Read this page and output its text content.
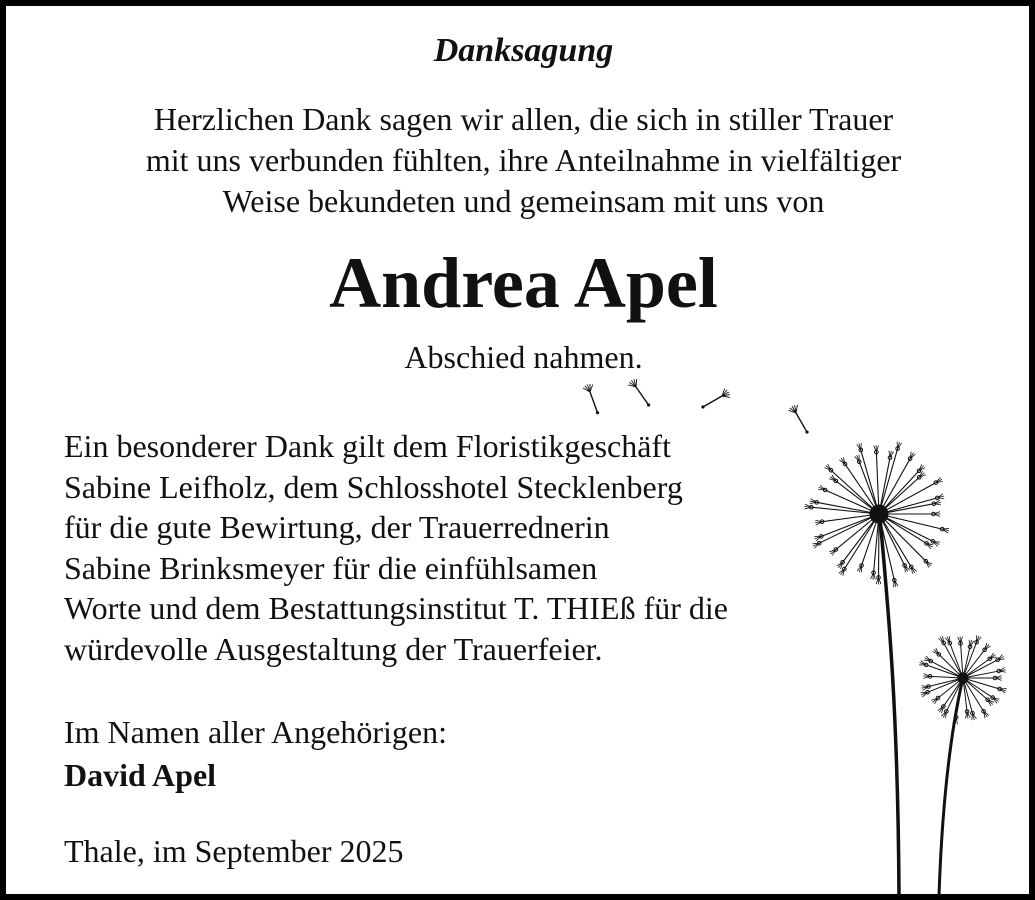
Danksagung
Herzlichen Dank sagen wir allen, die sich in stiller Trauer
mit uns verbunden fühlten, ihre Anteilnahme in vielfältiger
Weise bekundeten und gemeinsam mit uns von
Andrea Apel
Abschied nahmen.
Ein besonderer Dank gilt dem Floristikgeschäft
Sabine Leifholz, dem Schlosshotel Stecklenberg
für die gute Bewirtung, der Trauerrednerin
Sabine Brinksmeyer für die einfühlsamen
Worte und dem Bestattungsinstitut T. THIEß für die
würdevolle Ausgestaltung der Trauerfeier.
Im Namen aller Angehörigen:
David Apel
Thale, im September 2025
